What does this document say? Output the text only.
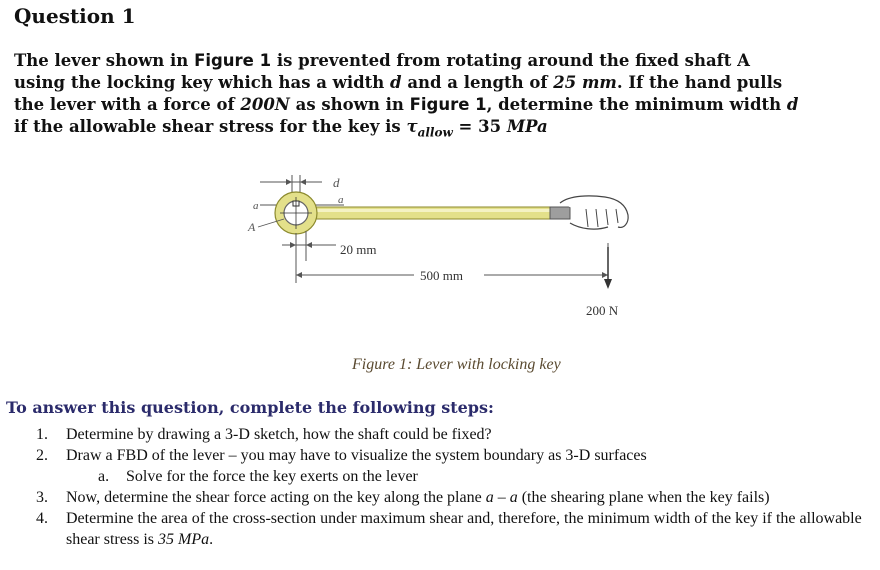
Question 1
The lever shown in Figure 1 is prevented from rotating around the fixed shaft A
using the locking key which has a width d and a length of 25 mm. If the hand pulls
the lever with a force of 200N as shown in Figure 1, determine the minimum width d
if the allowable shear stress for the key is $\tau_{allow} = 35$ MPa
d
a	a
A
20 mm
500 mm
200 N
Figure 1: Lever with locking key
To answer this question, complete the following steps:
1. Determine by drawing a 3-D sketch, how the shaft could be fixed?
2. Draw a FBD of the lever – you may have to visualize the system boundary as 3-D surfaces
a. Solve for the force the key exerts on the lever
3. Now, determine the shear force acting on the key along the plane a – a (the shearing plane when the key fails)
4. Determine the area of the cross-section under maximum shear and, therefore, the minimum width of the key if the allowable shear stress is 35 MPa.
